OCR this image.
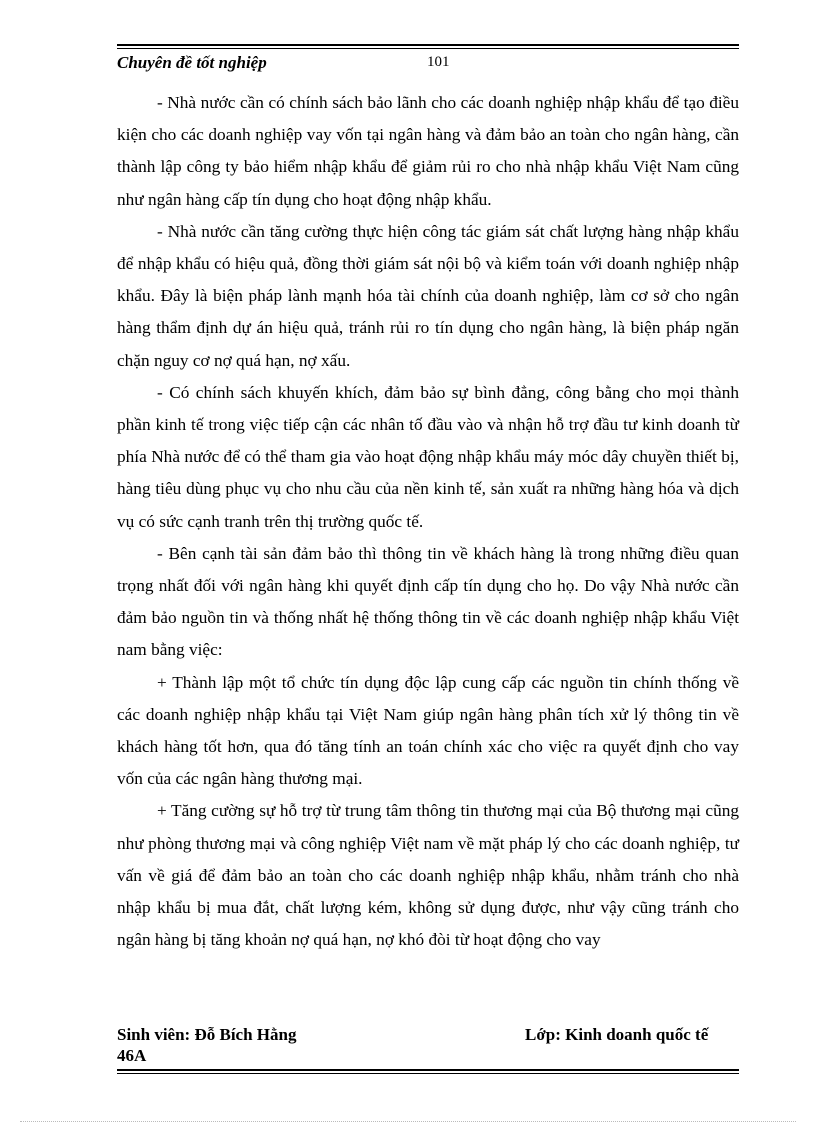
Chuyên đề tốt nghiệp	101

- Nhà nước cần có chính sách bảo lãnh cho các doanh nghiệp nhập khẩu để tạo điều kiện cho các doanh nghiệp vay vốn tại ngân hàng và đảm bảo an toàn cho ngân hàng, cần thành lập công ty bảo hiểm nhập khẩu để giảm rủi ro cho nhà nhập khẩu Việt Nam cũng như ngân hàng cấp tín dụng cho hoạt động nhập khẩu.

- Nhà nước cần tăng cường thực hiện công tác giám sát chất lượng hàng nhập khẩu để nhập khẩu có hiệu quả, đồng thời giám sát nội bộ và kiểm toán với doanh nghiệp nhập khẩu. Đây là biện pháp lành mạnh hóa tài chính của doanh nghiệp, làm cơ sở cho ngân hàng thẩm định dự án hiệu quả, tránh rủi ro tín dụng cho ngân hàng, là biện pháp ngăn chặn nguy cơ nợ quá hạn, nợ xấu.

- Có chính sách khuyến khích, đảm bảo sự bình đẳng, công bằng cho mọi thành phần kinh tế trong việc tiếp cận các nhân tố đầu vào và nhận hỗ trợ đầu tư kinh doanh từ phía Nhà nước để có thể tham gia vào hoạt động nhập khẩu máy móc dây chuyền thiết bị, hàng tiêu dùng phục vụ cho nhu cầu của nền kinh tế, sản xuất ra những hàng hóa và dịch vụ có sức cạnh tranh trên thị trường quốc tế.

- Bên cạnh tài sản đảm bảo thì thông tin về khách hàng là trong những điều quan trọng nhất đối với ngân hàng khi quyết định cấp tín dụng cho họ. Do vậy Nhà nước cần đảm bảo nguồn tin và thống nhất hệ thống thông tin về các doanh nghiệp nhập khẩu Việt nam bằng việc:

+ Thành lập một tổ chức tín dụng độc lập cung cấp các nguồn tin chính thống về các doanh nghiệp nhập khẩu tại Việt Nam giúp ngân hàng phân tích xử lý thông tin về khách hàng tốt hơn, qua đó tăng tính an toán chính xác cho việc ra quyết định cho vay vốn của các ngân hàng thương mại.

+ Tăng cường sự hỗ trợ từ trung tâm thông tin thương mại của Bộ thương mại cũng như phòng thương mại và công nghiệp Việt nam về mặt pháp lý cho các doanh nghiệp, tư vấn về giá để đảm bảo an toàn cho các doanh nghiệp nhập khẩu, nhằm tránh cho nhà nhập khẩu bị mua đắt, chất lượng kém, không sử dụng được, như vậy cũng tránh cho ngân hàng bị tăng khoản nợ quá hạn, nợ khó đòi từ hoạt động cho vay

Sinh viên: Đỗ Bích Hằng
46A
Lớp: Kinh doanh quốc tế
